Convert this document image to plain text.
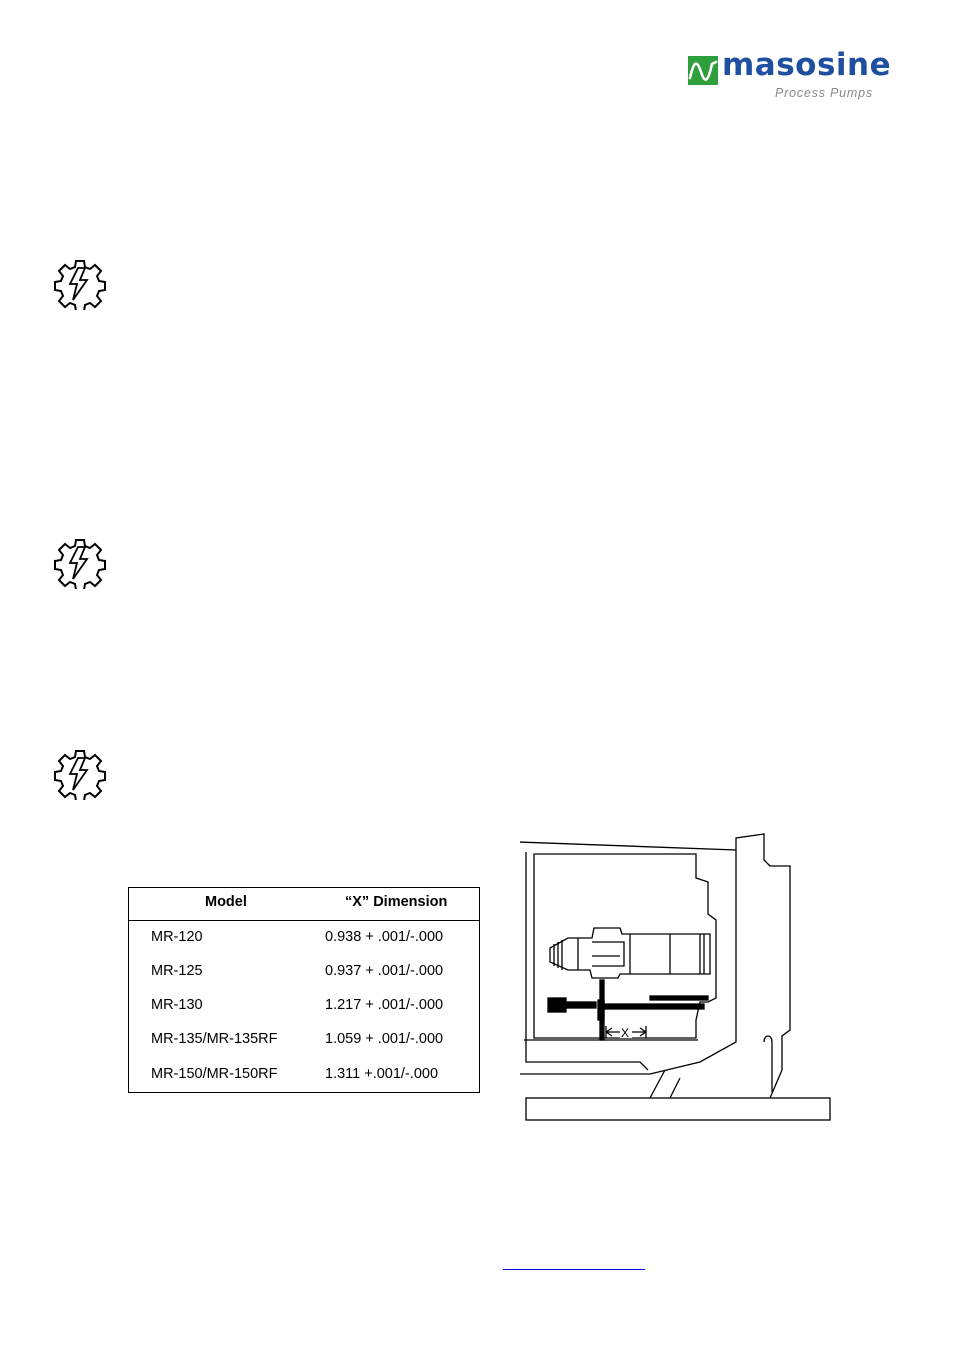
masosine
Process Pumps
Model	“X” Dimension
MR-120	0.938 + .001/-.000
MR-125	0.937 + .001/-.000
MR-130	1.217 + .001/-.000
MR-135/MR-135RF	1.059 + .001/-.000
MR-150/MR-150RF	1.311 +.001/-.000
X
